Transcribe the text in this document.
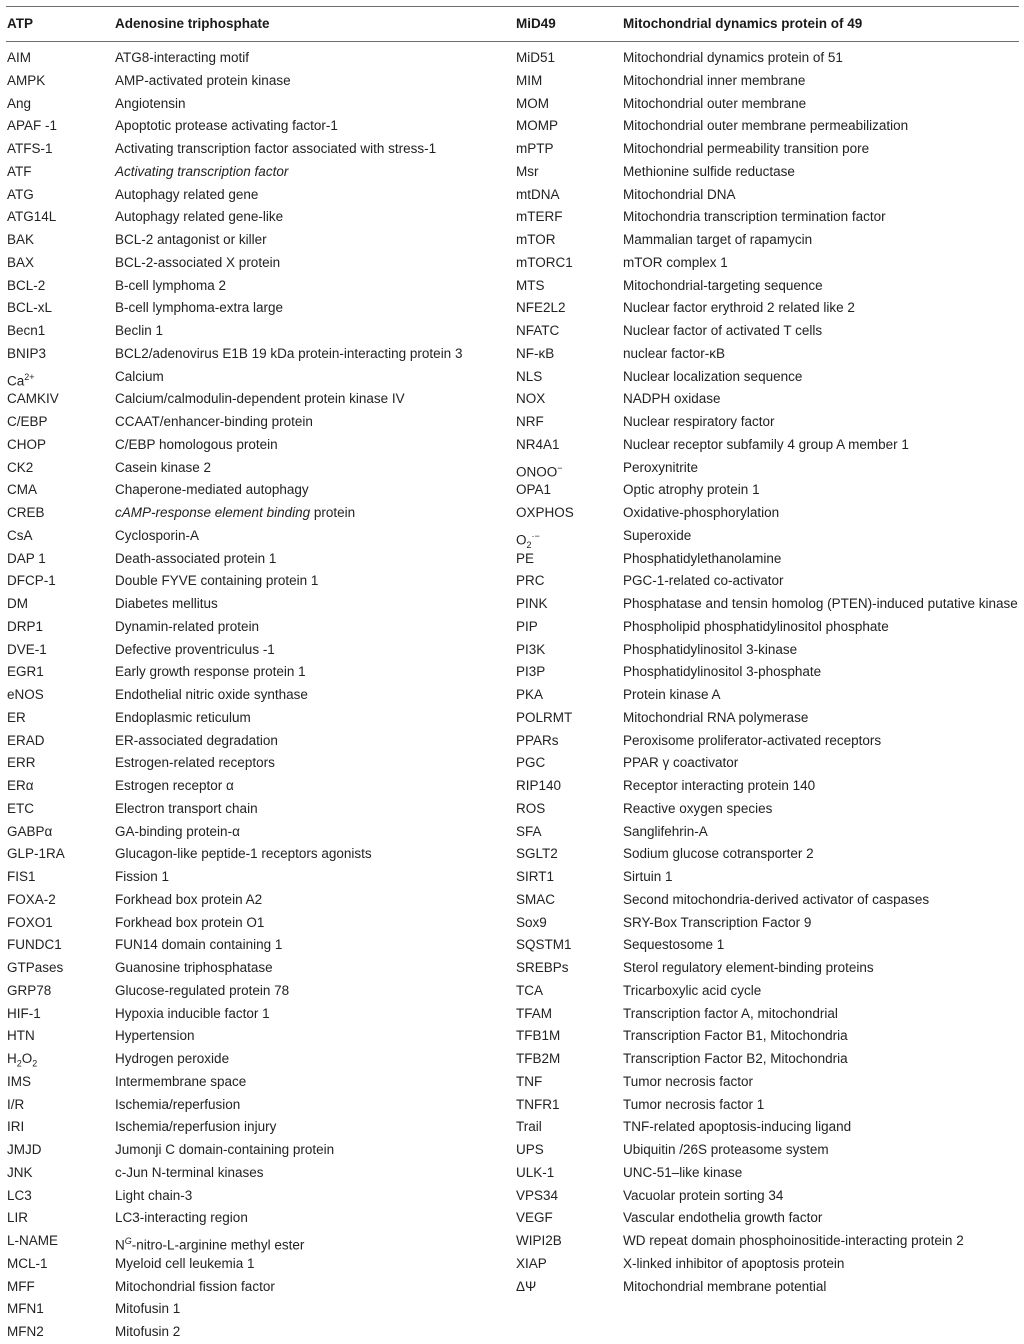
ATP	Adenosine triphosphate	MiD49	Mitochondrial dynamics protein of 49
AIM	ATG8-interacting motif	MiD51	Mitochondrial dynamics protein of 51
AMPK	AMP-activated protein kinase	MIM	Mitochondrial inner membrane
Ang	Angiotensin	MOM	Mitochondrial outer membrane
APAF -1	Apoptotic protease activating factor-1	MOMP	Mitochondrial outer membrane permeabilization
ATFS-1	Activating transcription factor associated with stress-1	mPTP	Mitochondrial permeability transition pore
ATF	Activating transcription factor	Msr	Methionine sulfide reductase
ATG	Autophagy related gene	mtDNA	Mitochondrial DNA
ATG14L	Autophagy related gene-like	mTERF	Mitochondria transcription termination factor
BAK	BCL-2 antagonist or killer	mTOR	Mammalian target of rapamycin
BAX	BCL-2-associated X protein	mTORC1	mTOR complex 1
BCL-2	B-cell lymphoma 2	MTS	Mitochondrial-targeting sequence
BCL-xL	B-cell lymphoma-extra large	NFE2L2	Nuclear factor erythroid 2 related like 2
Becn1	Beclin 1	NFATC	Nuclear factor of activated T cells
BNIP3	BCL2/adenovirus E1B 19 kDa protein-interacting protein 3	NF-κB	nuclear factor-κB
$Ca^{2+}$	Calcium	NLS	Nuclear localization sequence
CAMKIV	Calcium/calmodulin-dependent protein kinase IV	NOX	NADPH oxidase
C/EBP	CCAAT/enhancer-binding protein	NRF	Nuclear respiratory factor
CHOP	C/EBP homologous protein	NR4A1	Nuclear receptor subfamily 4 group A member 1
CK2	Casein kinase 2	ONOO−	Peroxynitrite
CMA	Chaperone-mediated autophagy	OPA1	Optic atrophy protein 1
CREB	cAMP-response element binding protein	OXPHOS	Oxidative-phosphorylation
CsA	Cyclosporin-A	$O_2^{\cdot-}$	Superoxide
DAP 1	Death-associated protein 1	PE	Phosphatidylethanolamine
DFCP-1	Double FYVE containing protein 1	PRC	PGC-1-related co-activator
DM	Diabetes mellitus	PINK	Phosphatase and tensin homolog (PTEN)-induced putative kinase
DRP1	Dynamin-related protein	PIP	Phospholipid phosphatidylinositol phosphate
DVE-1	Defective proventriculus -1	PI3K	Phosphatidylinositol 3-kinase
EGR1	Early growth response protein 1	PI3P	Phosphatidylinositol 3-phosphate
eNOS	Endothelial nitric oxide synthase	PKA	Protein kinase A
ER	Endoplasmic reticulum	POLRMT	Mitochondrial RNA polymerase
ERAD	ER-associated degradation	PPARs	Peroxisome proliferator-activated receptors
ERR	Estrogen-related receptors	PGC	PPAR γ coactivator
ERα	Estrogen receptor α	RIP140	Receptor interacting protein 140
ETC	Electron transport chain	ROS	Reactive oxygen species
GABPα	GA-binding protein-α	SFA	Sanglifehrin-A
GLP-1RA	Glucagon-like peptide-1 receptors agonists	SGLT2	Sodium glucose cotransporter 2
FIS1	Fission 1	SIRT1	Sirtuin 1
FOXA-2	Forkhead box protein A2	SMAC	Second mitochondria-derived activator of caspases
FOXO1	Forkhead box protein O1	Sox9	SRY-Box Transcription Factor 9
FUNDC1	FUN14 domain containing 1	SQSTM1	Sequestosome 1
GTPases	Guanosine triphosphatase	SREBPs	Sterol regulatory element-binding proteins
GRP78	Glucose-regulated protein 78	TCA	Tricarboxylic acid cycle
HIF-1	Hypoxia inducible factor 1	TFAM	Transcription factor A, mitochondrial
HTN	Hypertension	TFB1M	Transcription Factor B1, Mitochondria
$H_2O_2$	Hydrogen peroxide	TFB2M	Transcription Factor B2, Mitochondria
IMS	Intermembrane space	TNF	Tumor necrosis factor
I/R	Ischemia/reperfusion	TNFR1	Tumor necrosis factor 1
IRI	Ischemia/reperfusion injury	Trail	TNF-related apoptosis-inducing ligand
JMJD	Jumonji C domain-containing protein	UPS	Ubiquitin /26S proteasome system
JNK	c-Jun N-terminal kinases	ULK-1	UNC-51–like kinase
LC3	Light chain-3	VPS34	Vacuolar protein sorting 34
LIR	LC3-interacting region	VEGF	Vascular endothelia growth factor
L-NAME	$N^G-nitro-L$-arginine methyl ester	WIPI2B	WD repeat domain phosphoinositide-interacting protein 2
MCL-1	Myeloid cell leukemia 1	XIAP	X-linked inhibitor of apoptosis protein
MFF	Mitochondrial fission factor	ΔΨ	Mitochondrial membrane potential
MFN1	Mitofusin 1
MFN2	Mitofusin 2
